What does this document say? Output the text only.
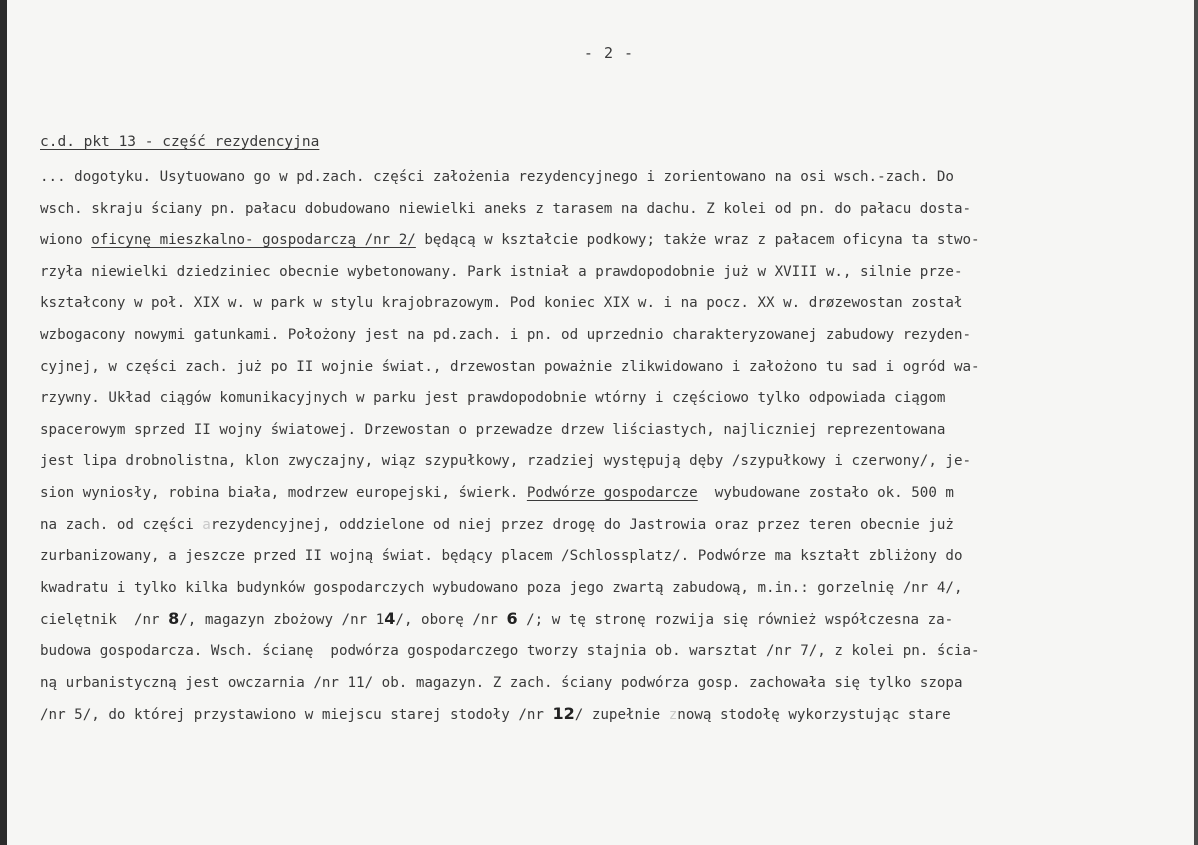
- 2 -
c.d. pkt 13 - część rezydencyjna
... dogotyku. Usytuowano go w pd.zach. części założenia rezydencyjnego i zorientowano na osi wsch.-zach. Do
wsch. skraju ściany pn. pałacu dobudowano niewielki aneks z tarasem na dachu. Z kolei od pn. do pałacu dosta-
wiono oficynę mieszkalno- gospodarczą /nr 2/ będącą w kształcie podkowy; także wraz z pałacem oficyna ta stwo-
rzyła niewielki dziedziniec obecnie wybetonowany. Park istniał a prawdopodobnie już w XVIII w., silnie prze-
kształcony w poł. XIX w. w park w stylu krajobrazowym. Pod koniec XIX w. i na pocz. XX w. drøzewostan został
wzbogacony nowymi gatunkami. Położony jest na pd.zach. i pn. od uprzednio charakteryzowanej zabudowy rezyden-
cyjnej, w części zach. już po II wojnie świat., drzewostan poważnie zlikwidowano i założono tu sad i ogród wa-
rzywny. Układ ciągów komunikacyjnych w parku jest prawdopodobnie wtórny i częściowo tylko odpowiada ciągom
spacerowym sprzed II wojny światowej. Drzewostan o przewadze drzew liściastych, najliczniej reprezentowana
jest lipa drobnolistna, klon zwyczajny, wiąz szypułkowy, rzadziej występują dęby /szypułkowy i czerwony/, je-
sion wyniosły, robina biała, modrzew europejski, świerk. Podwórze gospodarcze  wybudowane zostało ok. 500 m
na zach. od części arezydencyjnej, oddzielone od niej przez drogę do Jastrowia oraz przez teren obecnie już
zurbanizowany, a jeszcze przed II wojną świat. będący placem /Schlossplatz/. Podwórze ma kształt zbliżony do
kwadratu i tylko kilka budynków gospodarczych wybudowano poza jego zwartą zabudową, m.in.: gorzelnię /nr 4/,
cielętnik  /nr 8/, magazyn zbożowy /nr 14/, oborę /nr 6 /; w tę stronę rozwija się również współczesna za-
budowa gospodarcza. Wsch. ścianę  podwórza gospodarczego tworzy stajnia ob. warsztat /nr 7/, z kolei pn. ścia-
ną urbanistyczną jest owczarnia /nr 11/ ob. magazyn. Z zach. ściany podwórza gosp. zachowała się tylko szopa
/nr 5/, do której przystawiono w miejscu starej stodoły /nr 12/ zupełnie znową stodołę wykorzystując stare
